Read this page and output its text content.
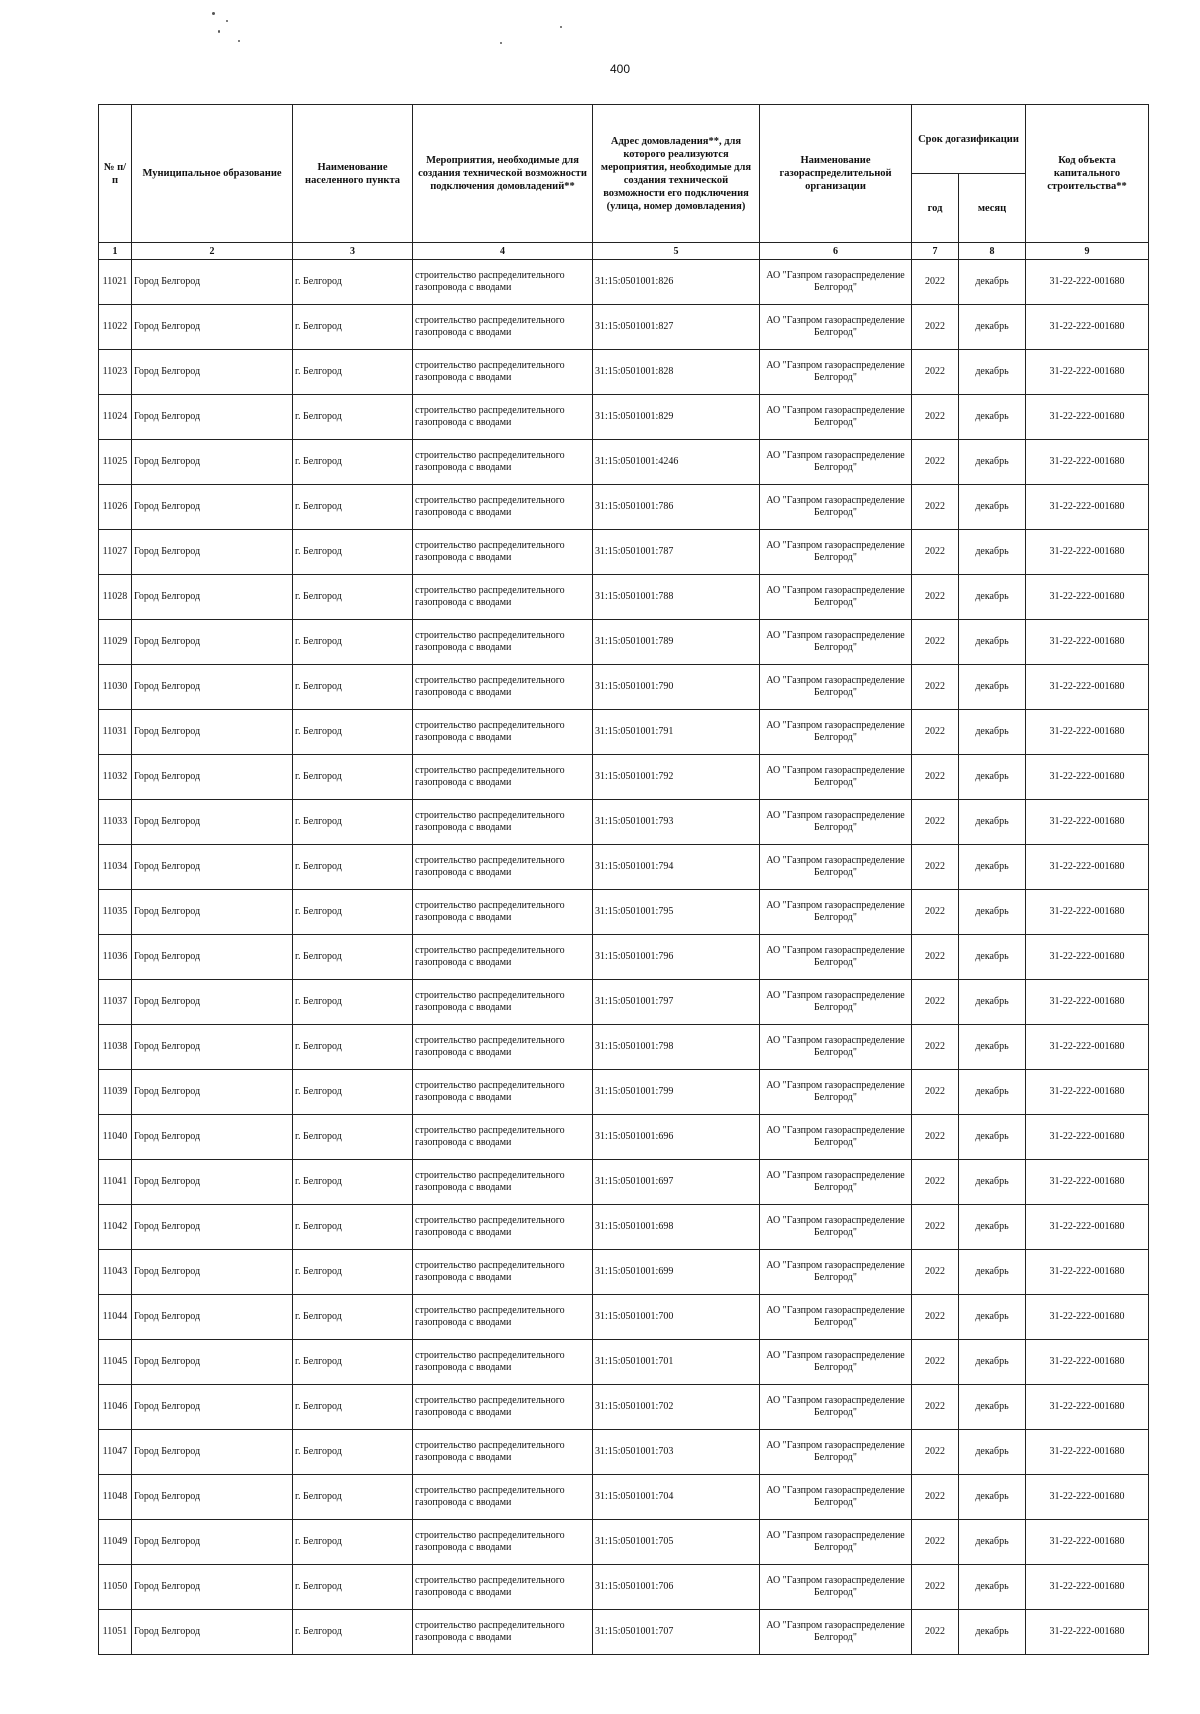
400
№ п/п	Муниципальное образование	Наименование населенного пункта	Мероприятия, необходимые для создания технической возможности подключения домовладений**	Адрес домовладения**, для которого реализуются мероприятия, необходимые для создания технической возможности его подключения (улица, номер домовладения)	Наименование газораспределительной организации	Срок догазификации		Код объекта капитального строительства**
						год	месяц	
1	2	3	4	5	6	7	8	9
11021	Город Белгород	г. Белгород	строительство распределительного газопровода с вводами	31:15:0501001:826	АО "Газпром газораспределение Белгород"	2022	декабрь	31-22-222-001680
11022	Город Белгород	г. Белгород	строительство распределительного газопровода с вводами	31:15:0501001:827	АО "Газпром газораспределение Белгород"	2022	декабрь	31-22-222-001680
11023	Город Белгород	г. Белгород	строительство распределительного газопровода с вводами	31:15:0501001:828	АО "Газпром газораспределение Белгород"	2022	декабрь	31-22-222-001680
11024	Город Белгород	г. Белгород	строительство распределительного газопровода с вводами	31:15:0501001:829	АО "Газпром газораспределение Белгород"	2022	декабрь	31-22-222-001680
11025	Город Белгород	г. Белгород	строительство распределительного газопровода с вводами	31:15:0501001:4246	АО "Газпром газораспределение Белгород"	2022	декабрь	31-22-222-001680
11026	Город Белгород	г. Белгород	строительство распределительного газопровода с вводами	31:15:0501001:786	АО "Газпром газораспределение Белгород"	2022	декабрь	31-22-222-001680
11027	Город Белгород	г. Белгород	строительство распределительного газопровода с вводами	31:15:0501001:787	АО "Газпром газораспределение Белгород"	2022	декабрь	31-22-222-001680
11028	Город Белгород	г. Белгород	строительство распределительного газопровода с вводами	31:15:0501001:788	АО "Газпром газораспределение Белгород"	2022	декабрь	31-22-222-001680
11029	Город Белгород	г. Белгород	строительство распределительного газопровода с вводами	31:15:0501001:789	АО "Газпром газораспределение Белгород"	2022	декабрь	31-22-222-001680
11030	Город Белгород	г. Белгород	строительство распределительного газопровода с вводами	31:15:0501001:790	АО "Газпром газораспределение Белгород"	2022	декабрь	31-22-222-001680
11031	Город Белгород	г. Белгород	строительство распределительного газопровода с вводами	31:15:0501001:791	АО "Газпром газораспределение Белгород"	2022	декабрь	31-22-222-001680
11032	Город Белгород	г. Белгород	строительство распределительного газопровода с вводами	31:15:0501001:792	АО "Газпром газораспределение Белгород"	2022	декабрь	31-22-222-001680
11033	Город Белгород	г. Белгород	строительство распределительного газопровода с вводами	31:15:0501001:793	АО "Газпром газораспределение Белгород"	2022	декабрь	31-22-222-001680
11034	Город Белгород	г. Белгород	строительство распределительного газопровода с вводами	31:15:0501001:794	АО "Газпром газораспределение Белгород"	2022	декабрь	31-22-222-001680
11035	Город Белгород	г. Белгород	строительство распределительного газопровода с вводами	31:15:0501001:795	АО "Газпром газораспределение Белгород"	2022	декабрь	31-22-222-001680
11036	Город Белгород	г. Белгород	строительство распределительного газопровода с вводами	31:15:0501001:796	АО "Газпром газораспределение Белгород"	2022	декабрь	31-22-222-001680
11037	Город Белгород	г. Белгород	строительство распределительного газопровода с вводами	31:15:0501001:797	АО "Газпром газораспределение Белгород"	2022	декабрь	31-22-222-001680
11038	Город Белгород	г. Белгород	строительство распределительного газопровода с вводами	31:15:0501001:798	АО "Газпром газораспределение Белгород"	2022	декабрь	31-22-222-001680
11039	Город Белгород	г. Белгород	строительство распределительного газопровода с вводами	31:15:0501001:799	АО "Газпром газораспределение Белгород"	2022	декабрь	31-22-222-001680
11040	Город Белгород	г. Белгород	строительство распределительного газопровода с вводами	31:15:0501001:696	АО "Газпром газораспределение Белгород"	2022	декабрь	31-22-222-001680
11041	Город Белгород	г. Белгород	строительство распределительного газопровода с вводами	31:15:0501001:697	АО "Газпром газораспределение Белгород"	2022	декабрь	31-22-222-001680
11042	Город Белгород	г. Белгород	строительство распределительного газопровода с вводами	31:15:0501001:698	АО "Газпром газораспределение Белгород"	2022	декабрь	31-22-222-001680
11043	Город Белгород	г. Белгород	строительство распределительного газопровода с вводами	31:15:0501001:699	АО "Газпром газораспределение Белгород"	2022	декабрь	31-22-222-001680
11044	Город Белгород	г. Белгород	строительство распределительного газопровода с вводами	31:15:0501001:700	АО "Газпром газораспределение Белгород"	2022	декабрь	31-22-222-001680
11045	Город Белгород	г. Белгород	строительство распределительного газопровода с вводами	31:15:0501001:701	АО "Газпром газораспределение Белгород"	2022	декабрь	31-22-222-001680
11046	Город Белгород	г. Белгород	строительство распределительного газопровода с вводами	31:15:0501001:702	АО "Газпром газораспределение Белгород"	2022	декабрь	31-22-222-001680
11047	Город Белгород	г. Белгород	строительство распределительного газопровода с вводами	31:15:0501001:703	АО "Газпром газораспределение Белгород"	2022	декабрь	31-22-222-001680
11048	Город Белгород	г. Белгород	строительство распределительного газопровода с вводами	31:15:0501001:704	АО "Газпром газораспределение Белгород"	2022	декабрь	31-22-222-001680
11049	Город Белгород	г. Белгород	строительство распределительного газопровода с вводами	31:15:0501001:705	АО "Газпром газораспределение Белгород"	2022	декабрь	31-22-222-001680
11050	Город Белгород	г. Белгород	строительство распределительного газопровода с вводами	31:15:0501001:706	АО "Газпром газораспределение Белгород"	2022	декабрь	31-22-222-001680
11051	Город Белгород	г. Белгород	строительство распределительного газопровода с вводами	31:15:0501001:707	АО "Газпром газораспределение Белгород"	2022	декабрь	31-22-222-001680
